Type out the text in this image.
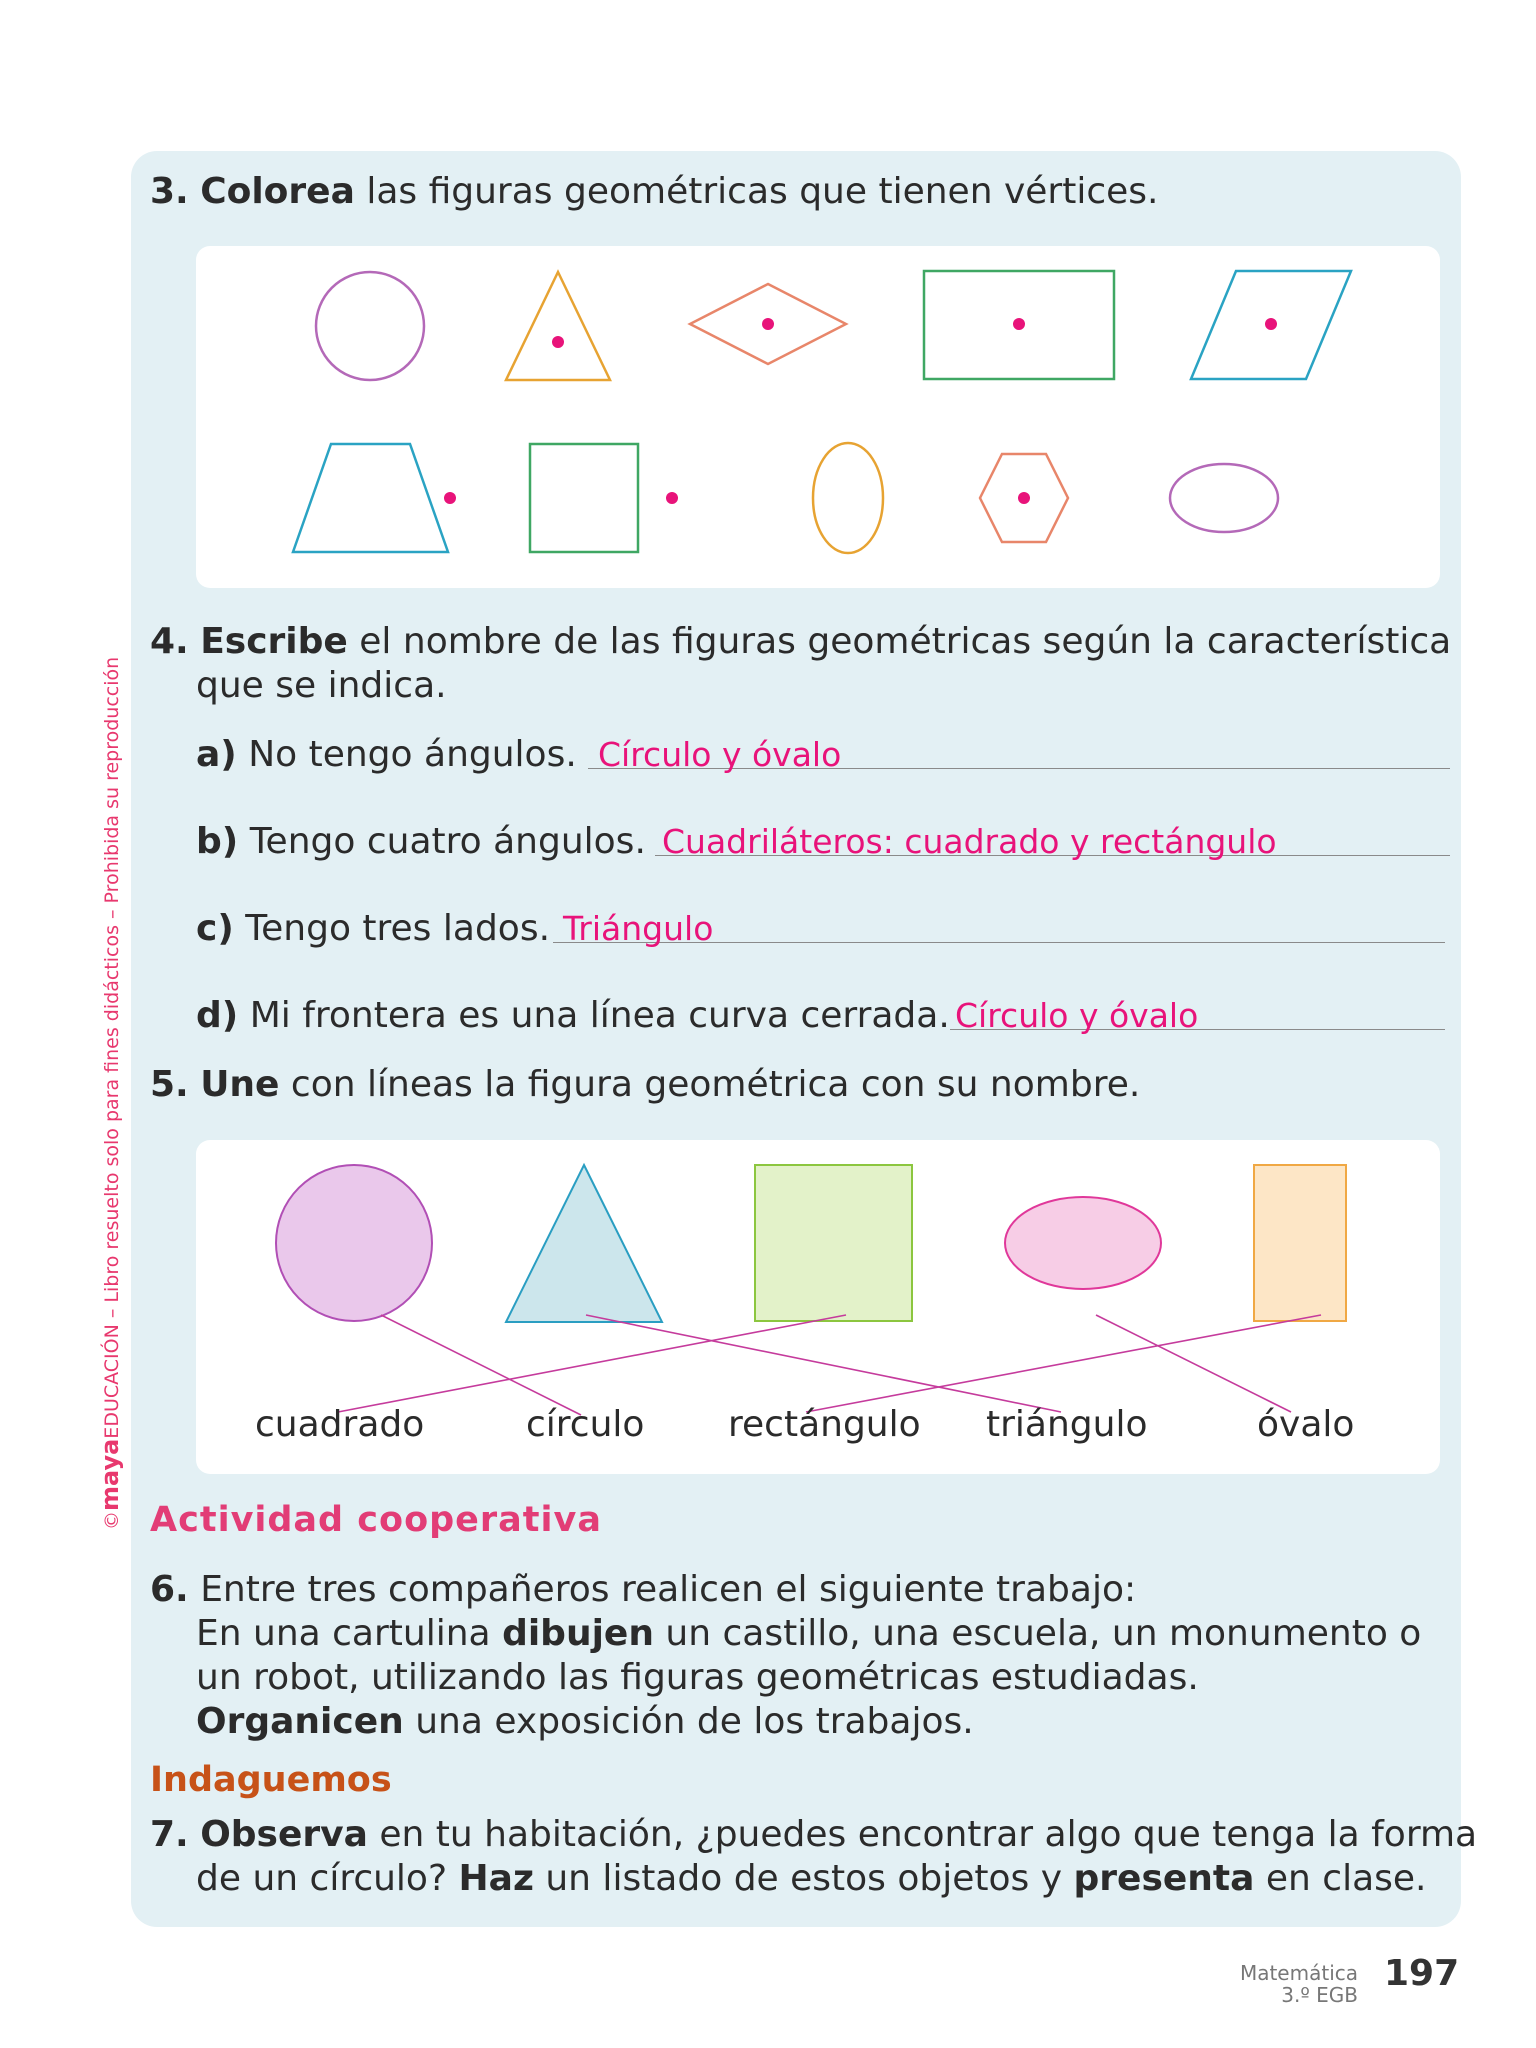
©mayaEDUCACIÓN – Libro resuelto solo para fines didácticos – Prohibida su reproducción
3. Colorea las figuras geométricas que tienen vértices.
4. Escribe el nombre de las figuras geométricas según la característica
que se indica.
a) No tengo ángulos. Círculo y óvalo
b) Tengo cuatro ángulos. Cuadriláteros: cuadrado y rectángulo
c) Tengo tres lados. Triángulo
d) Mi frontera es una línea curva cerrada. Círculo y óvalo
5. Une con líneas la figura geométrica con su nombre.
cuadrado	círculo rectángulo triángulo	óvalo
Actividad cooperativa
6. Entre tres compañeros realicen el siguiente trabajo:
En una cartulina dibujen un castillo, una escuela, un monumento o
un robot, utilizando las figuras geométricas estudiadas.
Organicen una exposición de los trabajos.
Indaguemos
7. Observa en tu habitación, ¿puedes encontrar algo que tenga la forma
de un círculo? Haz un listado de estos objetos y presenta en clase.
Matemática
3.º EGB
197
